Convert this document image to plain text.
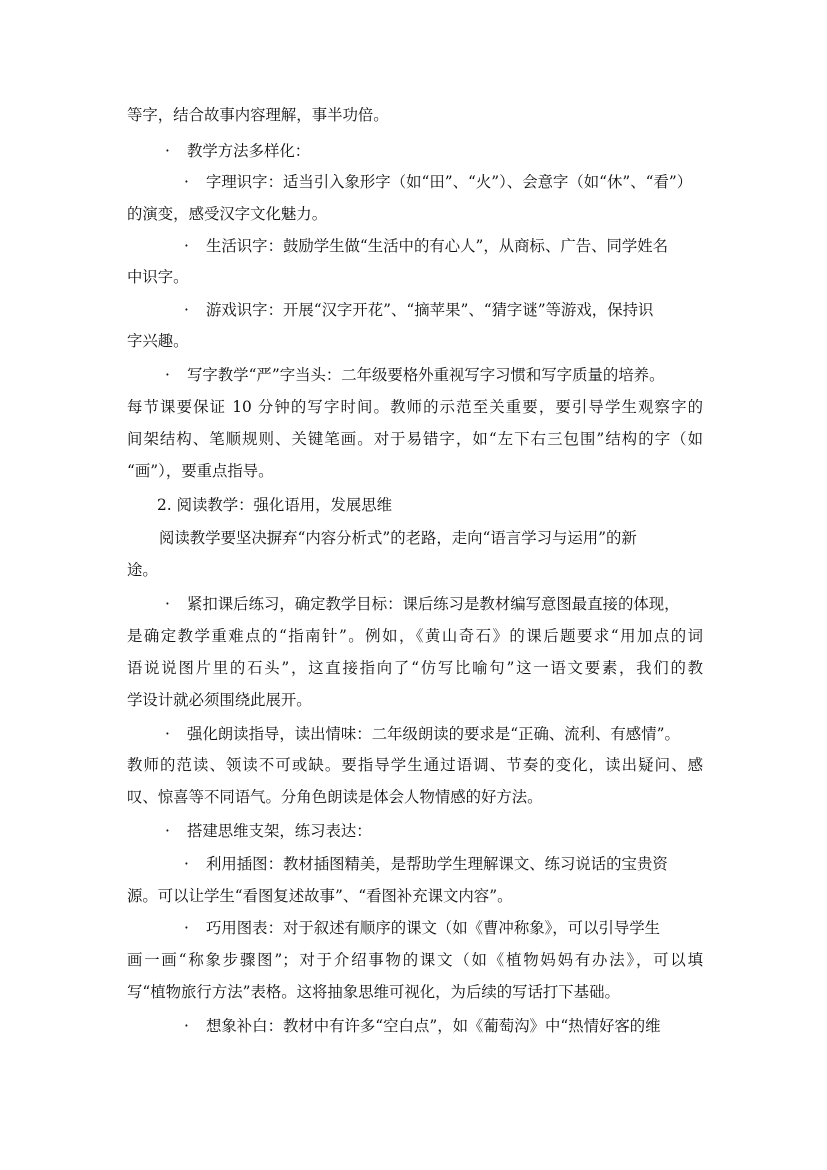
等字，结合故事内容理解，事半功倍。
· 教学方法多样化：
· 字理识字：适当引入象形字（如“田”、“火”）、会意字（如“休”、“看”）
的演变，感受汉字文化魅力。
· 生活识字：鼓励学生做“生活中的有心人”，从商标、广告、同学姓名
中识字。
· 游戏识字：开展“汉字开花”、“摘苹果”、“猜字谜”等游戏，保持识
字兴趣。
· 写字教学“严”字当头：二年级要格外重视写字习惯和写字质量的培养。
每节课要保证 10 分钟的写字时间。教师的示范至关重要，要引导学生观察字的
间架结构、笔顺规则、关键笔画。对于易错字，如“左下右三包围”结构的字（如
“画”），要重点指导。
2. 阅读教学：强化语用，发展思维
阅读教学要坚决摒弃“内容分析式”的老路，走向“语言学习与运用”的新
途。
· 紧扣课后练习，确定教学目标：课后练习是教材编写意图最直接的体现，
是确定教学重难点的“指南针”。例如，《黄山奇石》的课后题要求“用加点的词
语说说图片里的石头”，这直接指向了“仿写比喻句”这一语文要素，我们的教
学设计就必须围绕此展开。
· 强化朗读指导，读出情味：二年级朗读的要求是“正确、流利、有感情”。
教师的范读、领读不可或缺。要指导学生通过语调、节奏的变化，读出疑问、感
叹、惊喜等不同语气。分角色朗读是体会人物情感的好方法。
· 搭建思维支架，练习表达：
· 利用插图：教材插图精美，是帮助学生理解课文、练习说话的宝贵资
源。可以让学生“看图复述故事”、“看图补充课文内容”。
· 巧用图表：对于叙述有顺序的课文（如《曹冲称象》，可以引导学生
画一画“称象步骤图”；对于介绍事物的课文（如《植物妈妈有办法》，可以填
写“植物旅行方法”表格。这将抽象思维可视化，为后续的写话打下基础。
· 想象补白：教材中有许多“空白点”，如《葡萄沟》中“热情好客的维
